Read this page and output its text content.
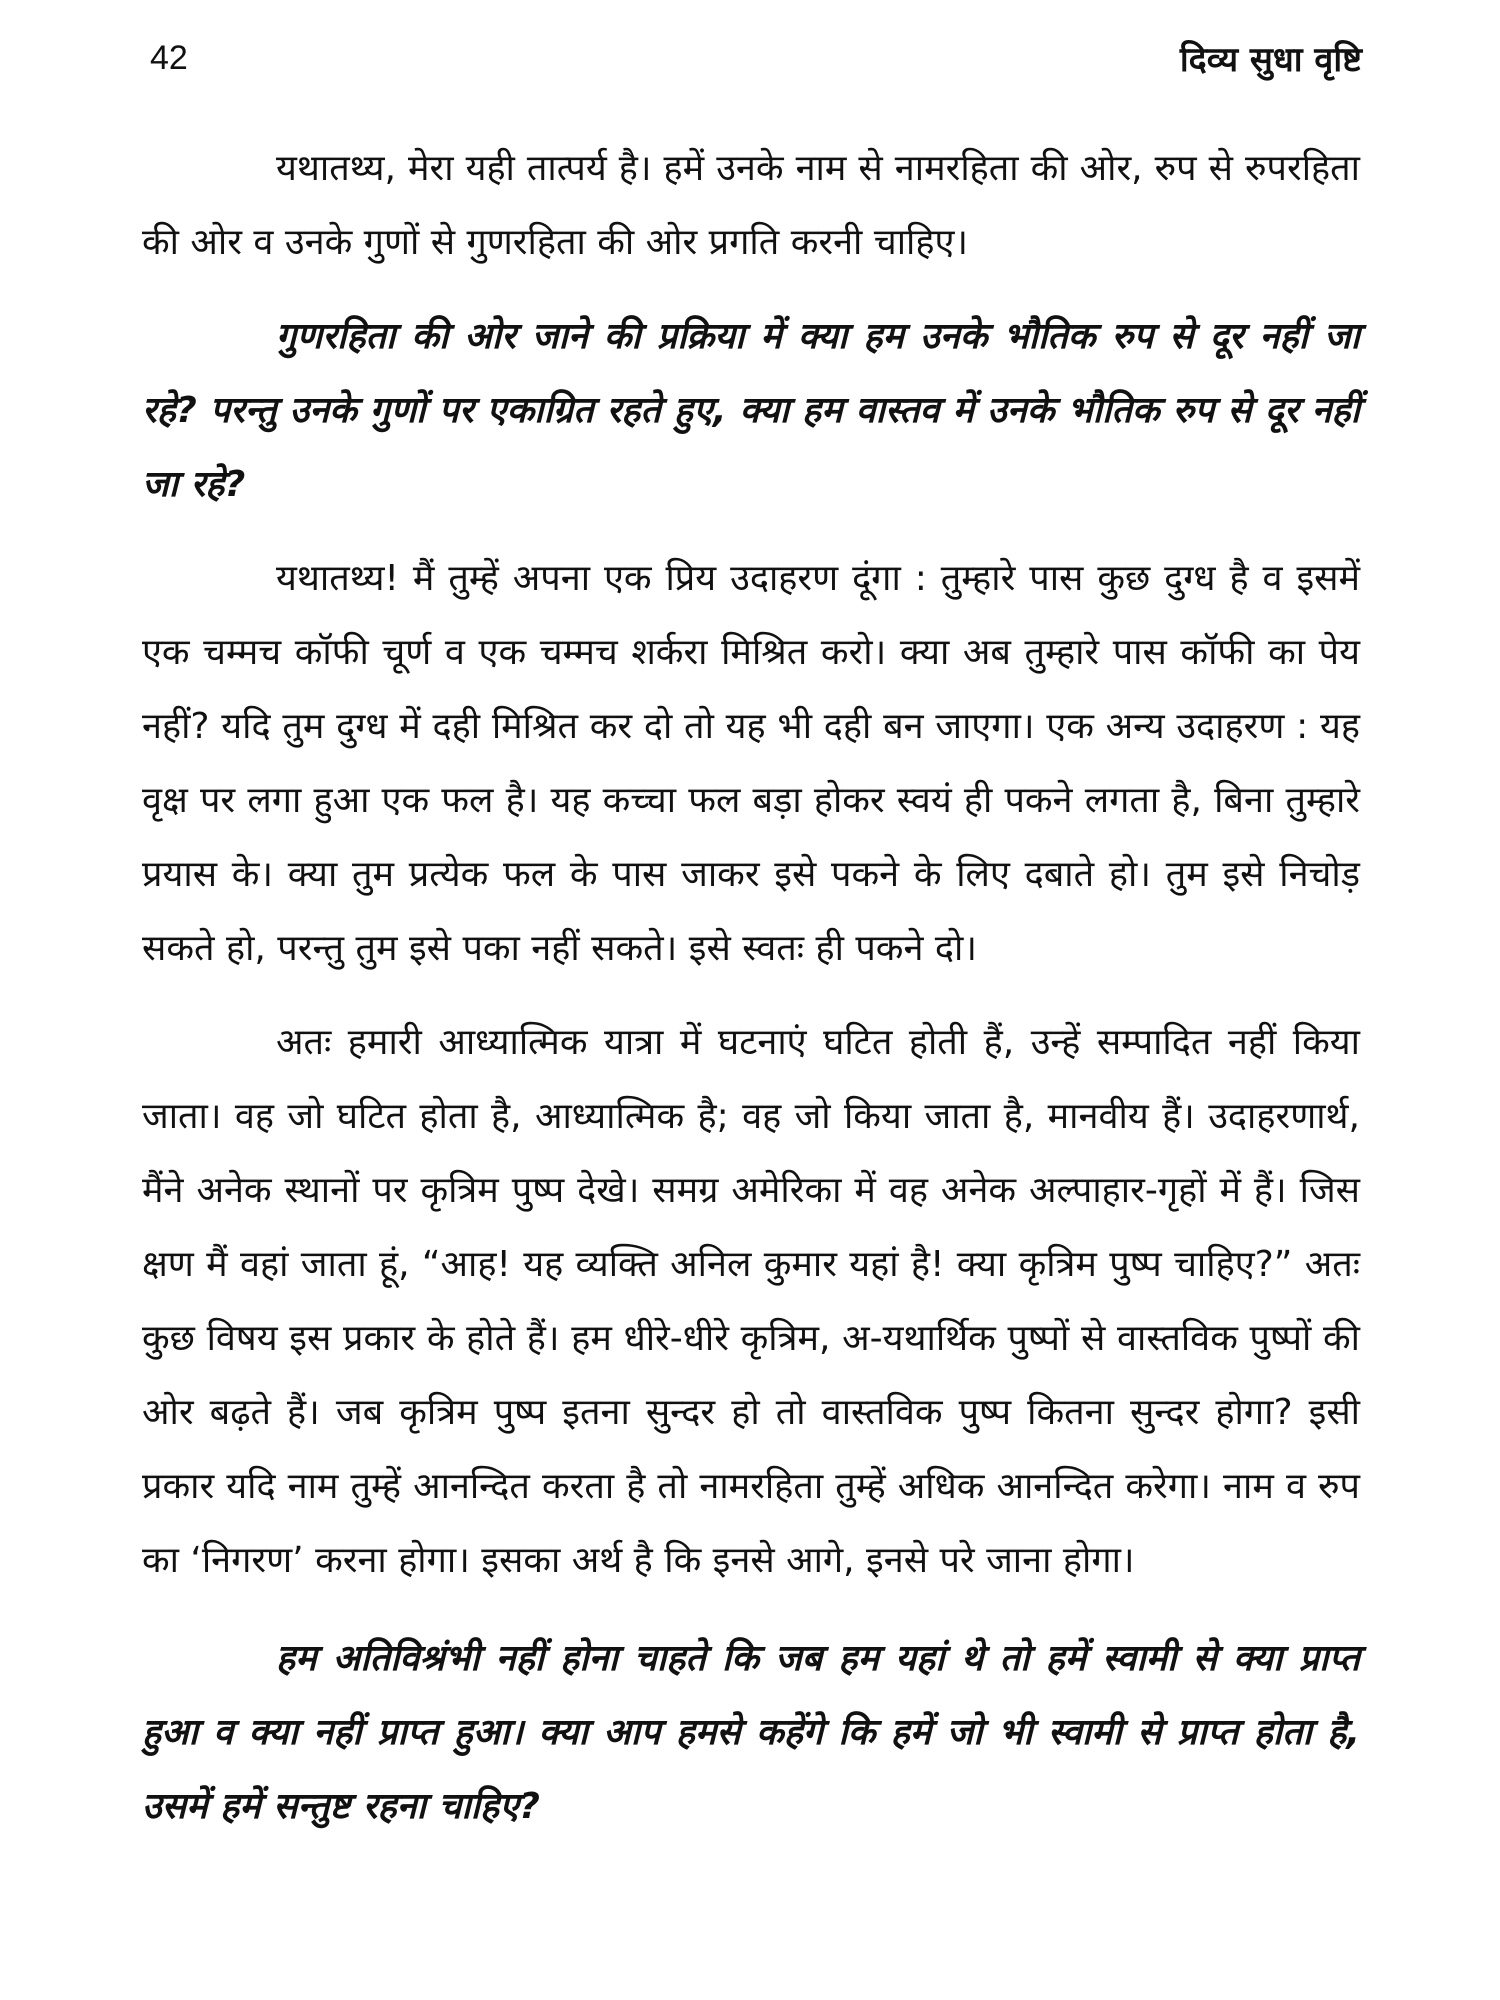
42	दिव्य सुधा वृष्टि

यथातथ्य, मेरा यही तात्पर्य है। हमें उनके नाम से नामरहिता की ओर, रुप से रुपरहिता की ओर व उनके गुणों से गुणरहिता की ओर प्रगति करनी चाहिए।

गुणरहिता की ओर जाने की प्रक्रिया में क्या हम उनके भौतिक रुप से दूर नहीं जा रहे? परन्तु उनके गुणों पर एकाग्रित रहते हुए, क्या हम वास्तव में उनके भौतिक रुप से दूर नहीं जा रहे?

यथातथ्य! मैं तुम्हें अपना एक प्रिय उदाहरण दूंगा : तुम्हारे पास कुछ दुग्ध है व इसमें एक चम्मच कॉफी चूर्ण व एक चम्मच शर्करा मिश्रित करो। क्या अब तुम्हारे पास कॉफी का पेय नहीं? यदि तुम दुग्ध में दही मिश्रित कर दो तो यह भी दही बन जाएगा। एक अन्य उदाहरण : यह वृक्ष पर लगा हुआ एक फल है। यह कच्चा फल बड़ा होकर स्वयं ही पकने लगता है, बिना तुम्हारे प्रयास के। क्या तुम प्रत्येक फल के पास जाकर इसे पकने के लिए दबाते हो। तुम इसे निचोड़ सकते हो, परन्तु तुम इसे पका नहीं सकते। इसे स्वतः ही पकने दो।

अतः हमारी आध्यात्मिक यात्रा में घटनाएं घटित होती हैं, उन्हें सम्पादित नहीं किया जाता। वह जो घटित होता है, आध्यात्मिक है; वह जो किया जाता है, मानवीय हैं। उदाहरणार्थ, मैंने अनेक स्थानों पर कृत्रिम पुष्प देखे। समग्र अमेरिका में वह अनेक अल्पाहार-गृहों में हैं। जिस क्षण मैं वहां जाता हूं, “आह! यह व्यक्ति अनिल कुमार यहां है! क्या कृत्रिम पुष्प चाहिए?” अतः कुछ विषय इस प्रकार के होते हैं। हम धीरे-धीरे कृत्रिम, अ-यथार्थिक पुष्पों से वास्तविक पुष्पों की ओर बढ़ते हैं। जब कृत्रिम पुष्प इतना सुन्दर हो तो वास्तविक पुष्प कितना सुन्दर होगा? इसी प्रकार यदि नाम तुम्हें आनन्दित करता है तो नामरहिता तुम्हें अधिक आनन्दित करेगा। नाम व रुप का ‘निगरण’ करना होगा। इसका अर्थ है कि इनसे आगे, इनसे परे जाना होगा।

हम अतिविश्रंभी नहीं होना चाहते कि जब हम यहां थे तो हमें स्वामी से क्या प्राप्त हुआ व क्या नहीं प्राप्त हुआ। क्या आप हमसे कहेंगे कि हमें जो भी स्वामी से प्राप्त होता है, उसमें हमें सन्तुष्ट रहना चाहिए?
